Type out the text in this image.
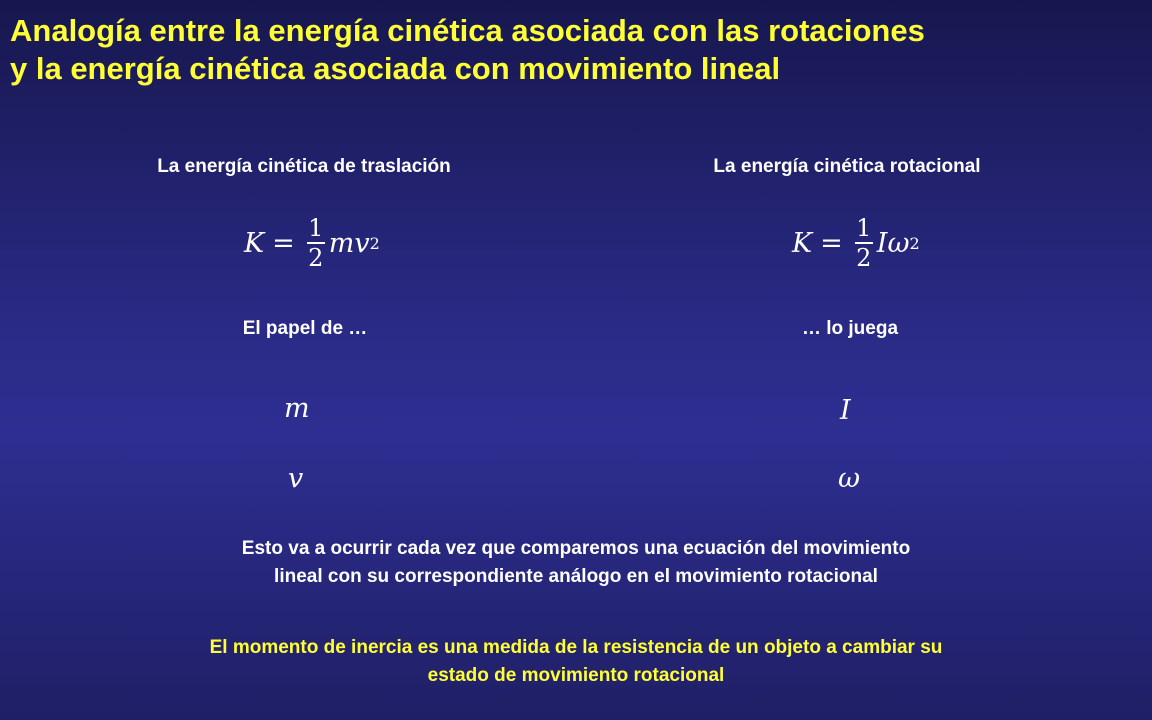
Analogía entre la energía cinética asociada con las rotaciones
y la energía cinética asociada con movimiento lineal
La energía cinética de traslación
$K = \frac{1}{2}$ mv 2
El papel de …
m
v
La energía cinética rotacional
$K = \frac{1}{2}$ Iω 2
… lo juega
I
ω
Esto va a ocurrir cada vez que comparemos una ecuación del movimiento
lineal con su correspondiente análogo en el movimiento rotacional
El momento de inercia es una medida de la resistencia de un objeto a cambiar su
estado de movimiento rotacional
